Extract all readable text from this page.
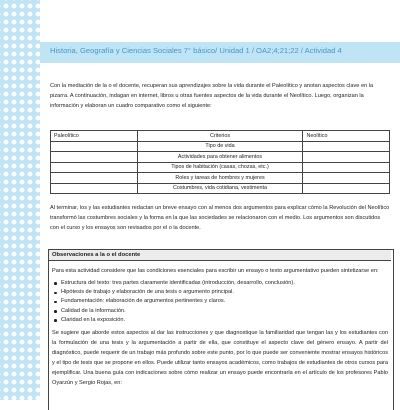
Historia, Geografía y Ciencias Sociales 7° básico/ Unidad 1 / OA2;4;21;22 / Actividad 4

Con la mediación de la o el docente, recuperan sus aprendizajes sobre la vida durante el Paleolítico y anotan aspectos clave en la pizarra. A continuación, indagan en internet, libros u otras fuentes aspectos de la vida durante el Neolítico. Luego, organizan la información y elaboran un cuadro comparativo como el siguiente:

Paleolítico	Criterios	Neolítico
	Tipo de vida	
	Actividades para obtener alimentos	
	Tipos de habitación (casas, chozas, etc.)	
	Roles y tareas de hombres y mujeres	
	Costumbres, vida cotidiana, vestimenta	

Al terminar, los y las estudiantes redactan un breve ensayo con al menos dos argumentos para explicar cómo la Revolución del Neolítico transformó las costumbres sociales y la forma en la que las sociedades se relacionaron con el medio. Los argumentos son discutidos con el curso y los ensayos son revisados por el o la docente.

Observaciones a la o el docente

Para esta actividad considere que las condiciones esenciales para escribir un ensayo o texto argumentativo pueden sintetizarse en:

Estructura del texto: tres partes claramente identificadas (introducción, desarrollo, conclusión).
Hipótesis de trabajo y elaboración de una tesis o argumento principal.
Fundamentación: elaboración de argumentos pertinentes y claros.
Calidad de la información.
Claridad en la exposición.

Se sugiere que aborde estos aspectos al dar las instrucciones y que diagnostique la familiaridad que tengan las y los estudiantes con la formulación de una tesis y la argumentación a partir de ella, que constituye el aspecto clave del género ensayo. A partir del diagnóstico, puede requerir de un trabajo más profundo sobre este punto, por lo que puede ser conveniente mostrar ensayos históricos y el tipo de tesis que se propone en ellos. Puede utilizar tanto ensayos académicos, como trabajos de estudiantes de otros cursos para ejemplificar. Una buena guía con indicaciones sobre cómo realizar un ensayo puede encontrarla en el artículo de los profesores Pablo Oyarzún y Sergio Rojas, en:
